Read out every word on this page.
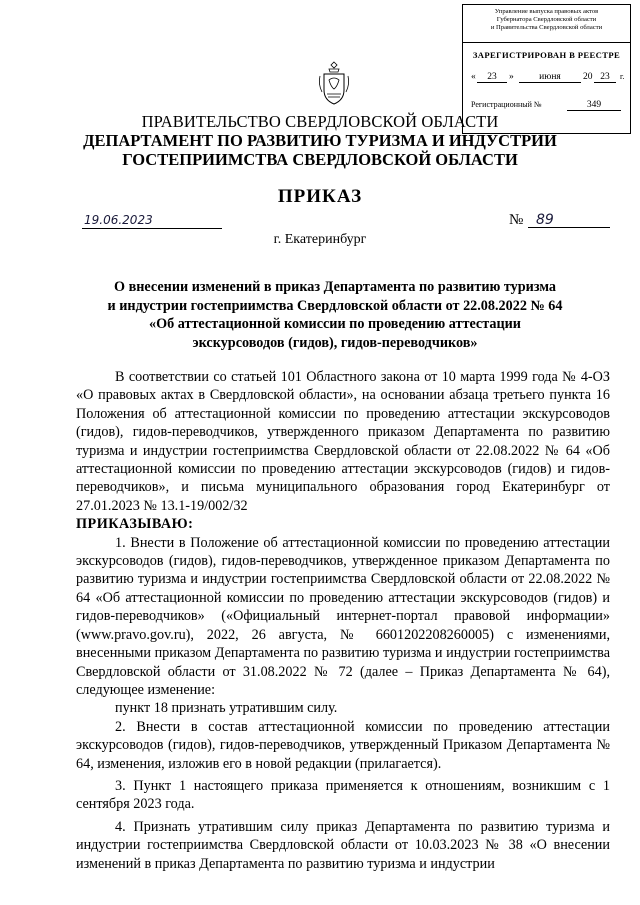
Управление выпуска правовых актов
Губернатора Свердловской области
и Правительства Свердловской области
ЗАРЕГИСТРИРОВАН В РЕЕСТРЕ
«	23	»	июня	20 23	г.
Регистрационный №	349
ПРАВИТЕЛЬСТВО СВЕРДЛОВСКОЙ ОБЛАСТИ
ДЕПАРТАМЕНТ ПО РАЗВИТИЮ ТУРИЗМА И ИНДУСТРИИ
ГОСТЕПРИИМСТВА СВЕРДЛОВСКОЙ ОБЛАСТИ
ПРИКАЗ
19.06.2023	№ 89
г. Екатеринбург
О внесении изменений в приказ Департамента по развитию туризма
и индустрии гостеприимства Свердловской области от 22.08.2022 № 64
«Об аттестационной комиссии по проведению аттестации
экскурсоводов (гидов), гидов-переводчиков»

В соответствии со статьей 101 Областного закона от 10 марта 1999 года № 4-ОЗ «О правовых актах в Свердловской области», на основании абзаца третьего пункта 16 Положения об аттестационной комиссии по проведению аттестации экскурсоводов (гидов), гидов-переводчиков, утвержденного приказом Департамента по развитию туризма и индустрии гостеприимства Свердловской области от 22.08.2022 № 64 «Об аттестационной комиссии по проведению аттестации экскурсоводов (гидов) и гидов-переводчиков», и письма муниципального образования город Екатеринбург от 27.01.2023 № 13.1-19/002/32

ПРИКАЗЫВАЮ:

1. Внести в Положение об аттестационной комиссии по проведению аттестации экскурсоводов (гидов), гидов-переводчиков, утвержденное приказом Департамента по развитию туризма и индустрии гостеприимства Свердловской области от 22.08.2022 № 64 «Об аттестационной комиссии по проведению аттестации экскурсоводов (гидов) и гидов-переводчиков» («Официальный интернет-портал правовой информации» (www.pravo.gov.ru), 2022, 26 августа, № 6601202208260005) с изменениями, внесенными приказом Департамента по развитию туризма и индустрии гостеприимства Свердловской области от 31.08.2022 № 72 (далее – Приказ Департамента № 64), следующее изменение:

пункт 18 признать утратившим силу.

2. Внести в состав аттестационной комиссии по проведению аттестации экскурсоводов (гидов), гидов-переводчиков, утвержденный Приказом Департамента № 64, изменения, изложив его в новой редакции (прилагается).

3. Пункт 1 настоящего приказа применяется к отношениям, возникшим с 1 сентября 2023 года.

4. Признать утратившим силу приказ Департамента по развитию туризма и индустрии гостеприимства Свердловской области от 10.03.2023 № 38 «О внесении изменений в приказ Департамента по развитию туризма и индустрии
